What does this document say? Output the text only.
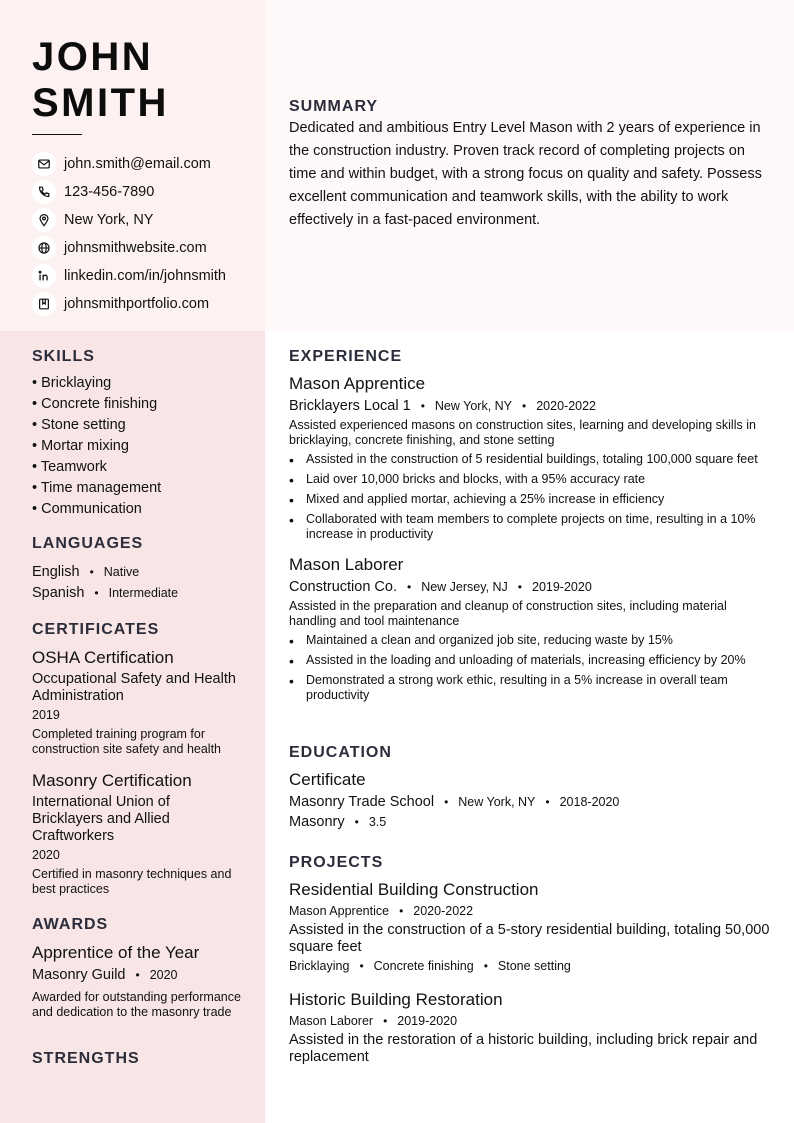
JOHN
SMITH
john.smith@email.com
123-456-7890
New York, NY
johnsmithwebsite.com
linkedin.com/in/johnsmith
johnsmithportfolio.com
SUMMARY
Dedicated and ambitious Entry Level Mason with 2 years of experience in the construction industry. Proven track record of completing projects on time and within budget, with a strong focus on quality and safety. Possess excellent communication and teamwork skills, with the ability to work effectively in a fast-paced environment.
SKILLS
• Bricklaying
• Concrete finishing
• Stone setting
• Mortar mixing
• Teamwork
• Time management
• Communication
LANGUAGES
English • Native
Spanish • Intermediate
CERTIFICATES
OSHA Certification
Occupational Safety and Health Administration
2019
Completed training program for construction site safety and health
Masonry Certification
International Union of Bricklayers and Allied Craftworkers
2020
Certified in masonry techniques and best practices
AWARDS
Apprentice of the Year
Masonry Guild • 2020
Awarded for outstanding performance and dedication to the masonry trade
STRENGTHS
EXPERIENCE
Mason Apprentice
Bricklayers Local 1 • New York, NY • 2020-2022
Assisted experienced masons on construction sites, learning and developing skills in bricklaying, concrete finishing, and stone setting
• Assisted in the construction of 5 residential buildings, totaling 100,000 square feet
• Laid over 10,000 bricks and blocks, with a 95% accuracy rate
• Mixed and applied mortar, achieving a 25% increase in efficiency
• Collaborated with team members to complete projects on time, resulting in a 10% increase in productivity
Mason Laborer
Construction Co. • New Jersey, NJ • 2019-2020
Assisted in the preparation and cleanup of construction sites, including material handling and tool maintenance
• Maintained a clean and organized job site, reducing waste by 15%
• Assisted in the loading and unloading of materials, increasing efficiency by 20%
• Demonstrated a strong work ethic, resulting in a 5% increase in overall team productivity
EDUCATION
Certificate
Masonry Trade School • New York, NY • 2018-2020
Masonry • 3.5
PROJECTS
Residential Building Construction
Mason Apprentice • 2020-2022
Assisted in the construction of a 5-story residential building, totaling 50,000 square feet
Bricklaying • Concrete finishing • Stone setting
Historic Building Restoration
Mason Laborer • 2019-2020
Assisted in the restoration of a historic building, including brick repair and replacement
